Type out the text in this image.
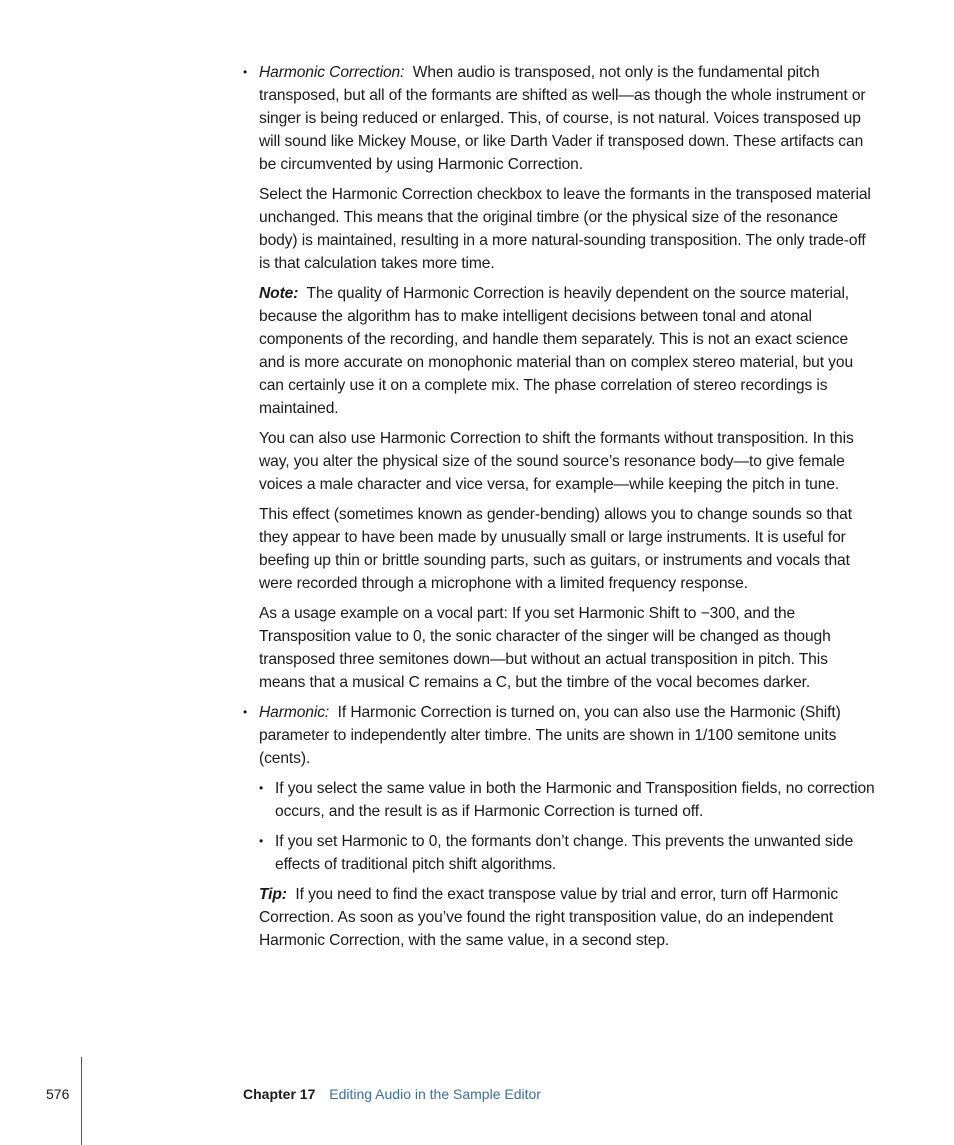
• Harmonic Correction: When audio is transposed, not only is the fundamental pitch transposed, but all of the formants are shifted as well—as though the whole instrument or singer is being reduced or enlarged. This, of course, is not natural. Voices transposed up will sound like Mickey Mouse, or like Darth Vader if transposed down. These artifacts can be circumvented by using Harmonic Correction.

Select the Harmonic Correction checkbox to leave the formants in the transposed material unchanged. This means that the original timbre (or the physical size of the resonance body) is maintained, resulting in a more natural-sounding transposition. The only trade-off is that calculation takes more time.

Note: The quality of Harmonic Correction is heavily dependent on the source material, because the algorithm has to make intelligent decisions between tonal and atonal components of the recording, and handle them separately. This is not an exact science and is more accurate on monophonic material than on complex stereo material, but you can certainly use it on a complete mix. The phase correlation of stereo recordings is maintained.

You can also use Harmonic Correction to shift the formants without transposition. In this way, you alter the physical size of the sound source’s resonance body—to give female voices a male character and vice versa, for example—while keeping the pitch in tune.

This effect (sometimes known as gender-bending) allows you to change sounds so that they appear to have been made by unusually small or large instruments. It is useful for beefing up thin or brittle sounding parts, such as guitars, or instruments and vocals that were recorded through a microphone with a limited frequency response.

As a usage example on a vocal part: If you set Harmonic Shift to −300, and the Transposition value to 0, the sonic character of the singer will be changed as though transposed three semitones down—but without an actual transposition in pitch. This means that a musical C remains a C, but the timbre of the vocal becomes darker.

• Harmonic: If Harmonic Correction is turned on, you can also use the Harmonic (Shift) parameter to independently alter timbre. The units are shown in 1/100 semitone units (cents).

• If you select the same value in both the Harmonic and Transposition fields, no correction occurs, and the result is as if Harmonic Correction is turned off.

• If you set Harmonic to 0, the formants don’t change. This prevents the unwanted side effects of traditional pitch shift algorithms.

Tip: If you need to find the exact transpose value by trial and error, turn off Harmonic Correction. As soon as you’ve found the right transposition value, do an independent Harmonic Correction, with the same value, in a second step.

576	Chapter 17 Editing Audio in the Sample Editor
